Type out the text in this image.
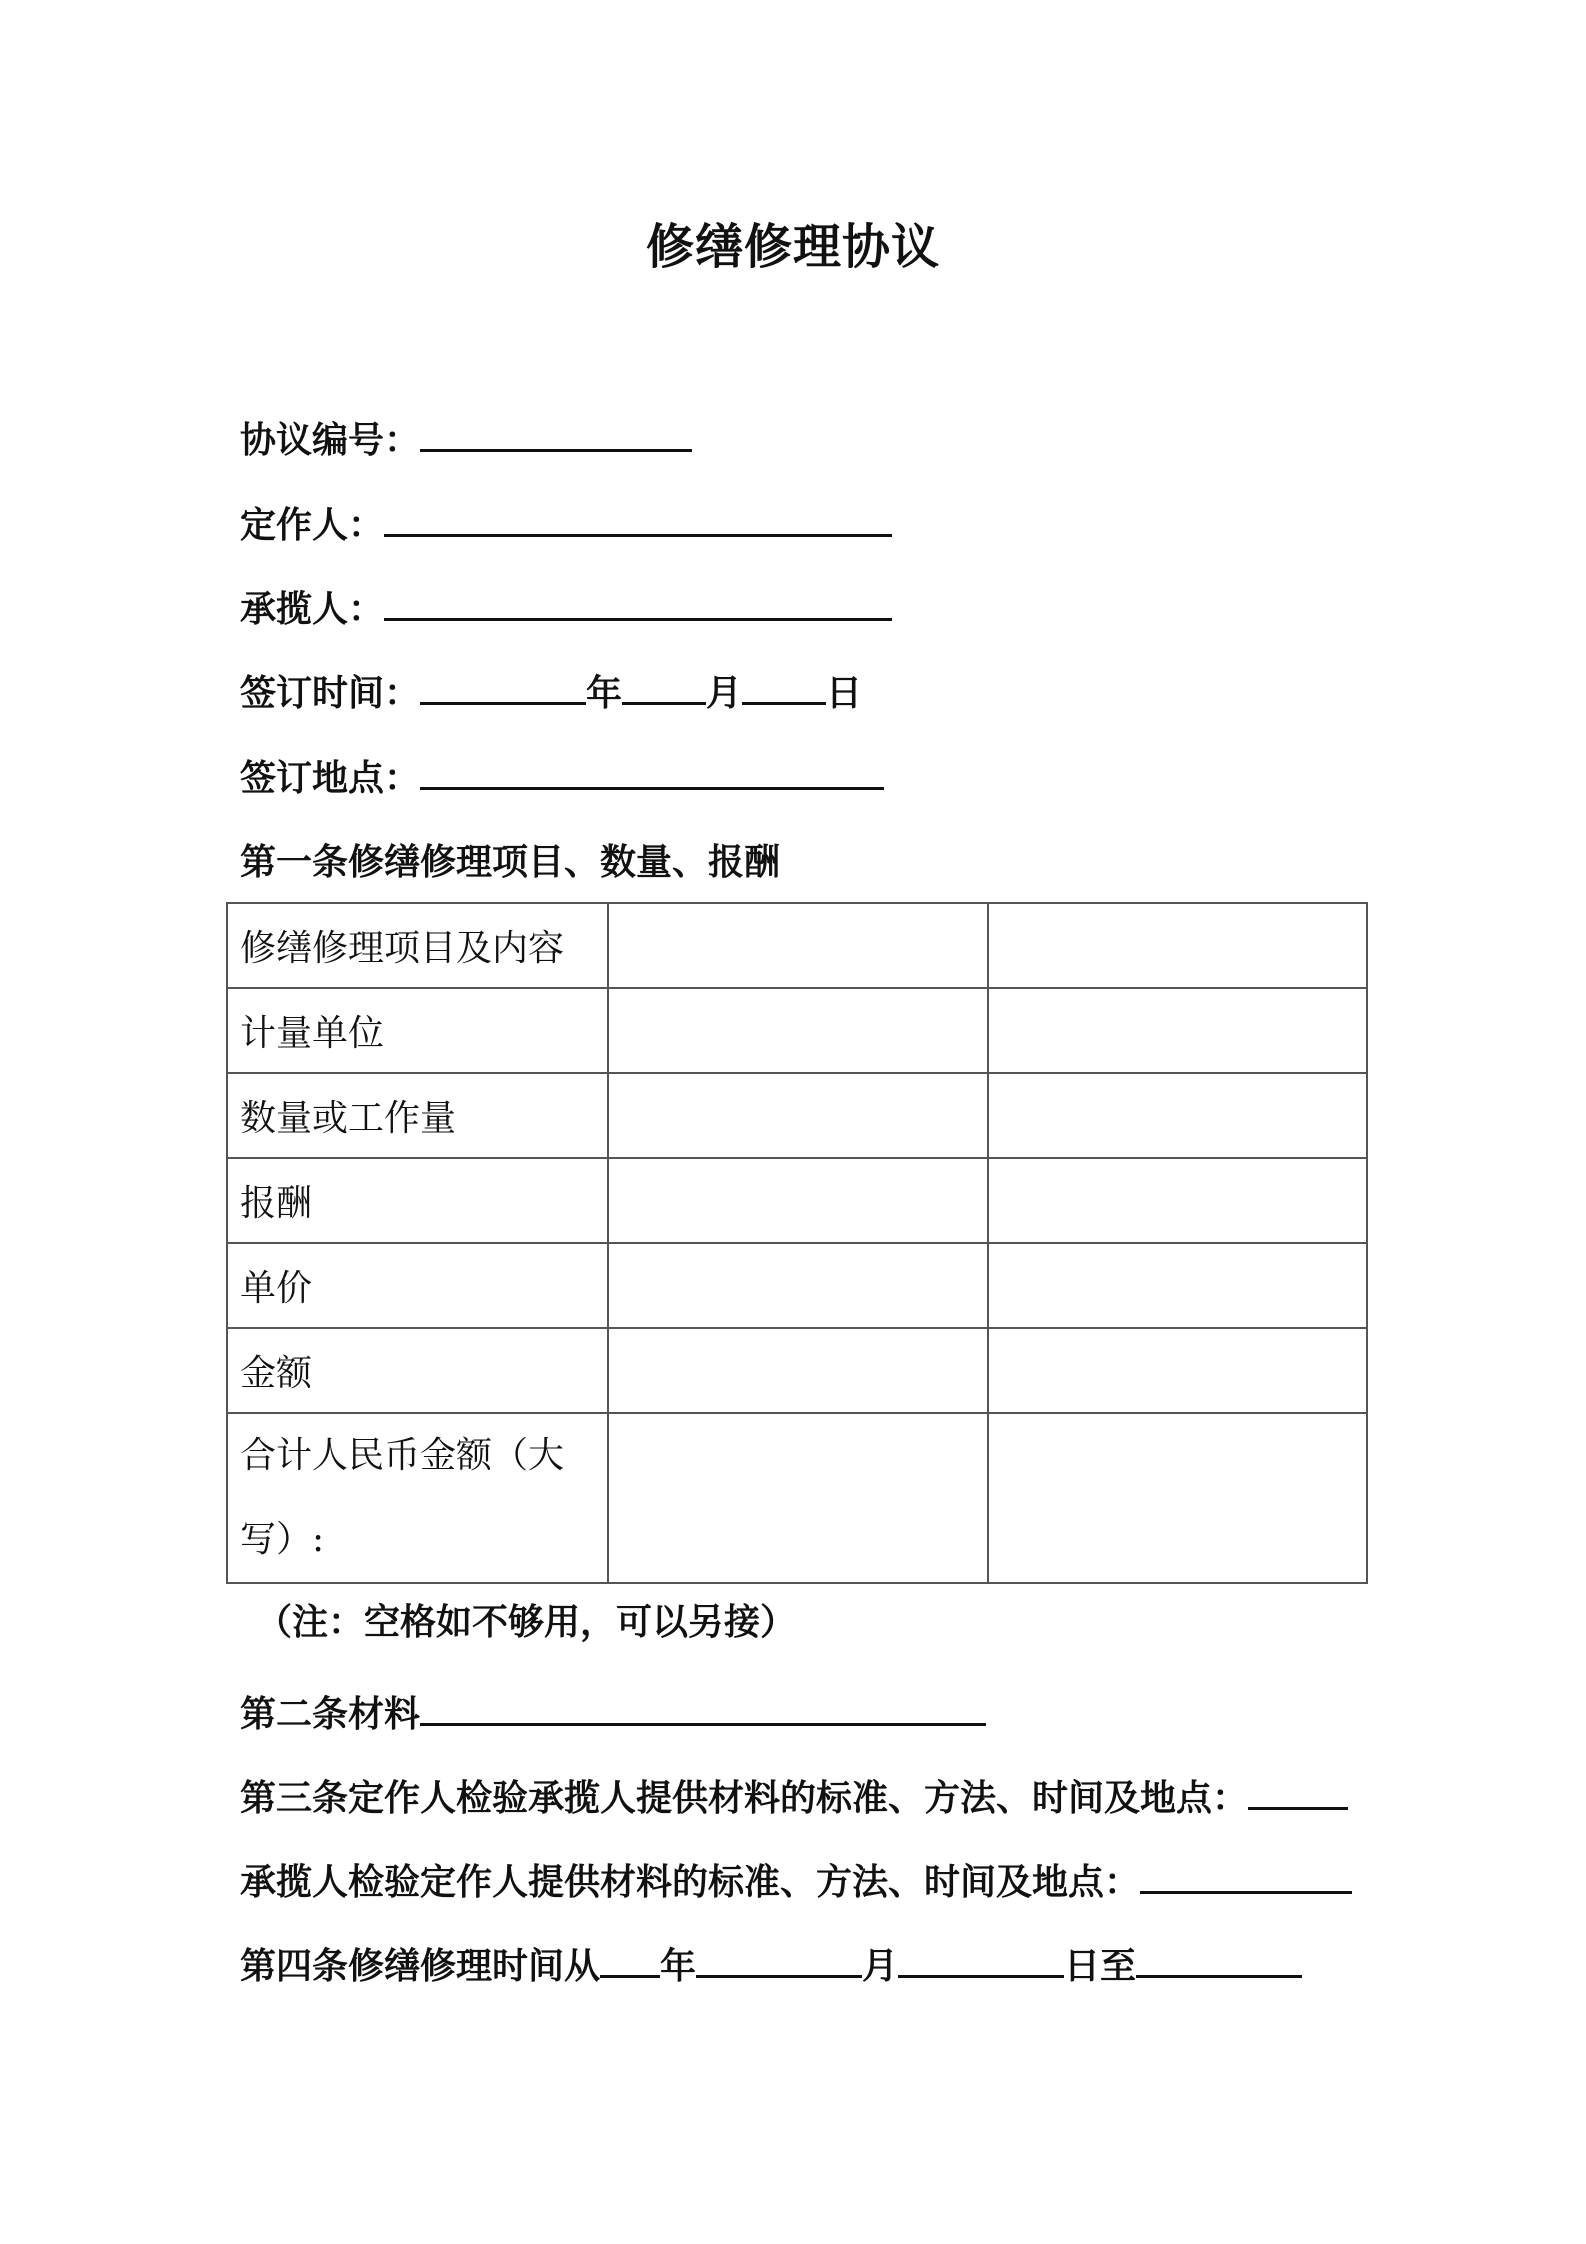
修缮修理协议
协议编号：
定作人：
承揽人：
签订时间：	年 月 日
签订地点：
第一条修缮修理项目、数量、报酬
修缮修理项目及内容		
计量单位		
数量或工作量		
报酬		
单价		
金额		
合计人民币金额（大写）:		
（注：空格如不够用，可以另接）
第二条材料
第三条定作人检验承揽人提供材料的标准、方法、时间及地点：
承揽人检验定作人提供材料的标准、方法、时间及地点：
第四条修缮修理时间从 年	月	日至
